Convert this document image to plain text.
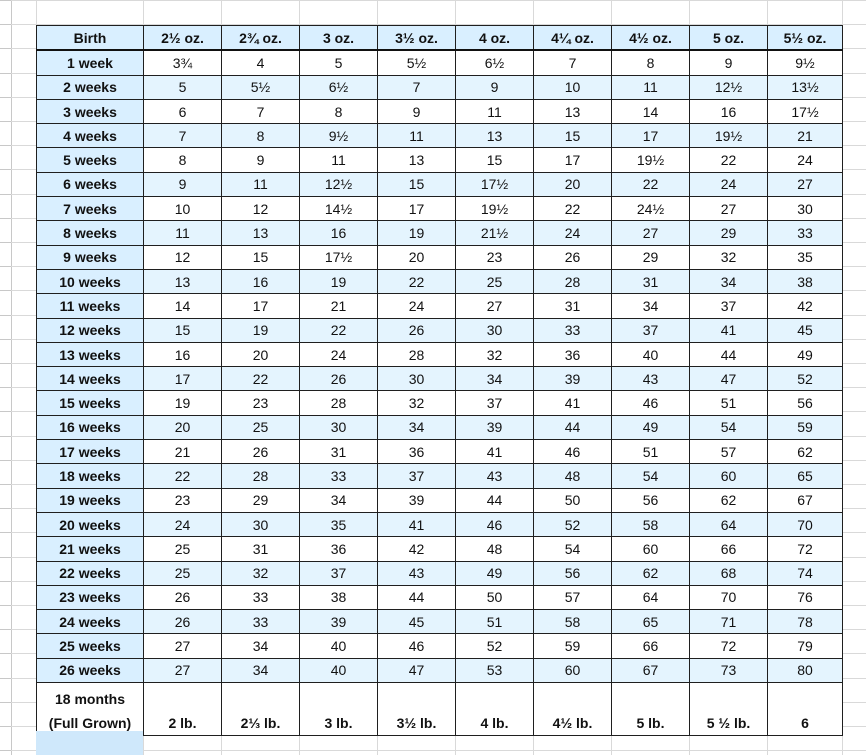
Birth	2½ oz.	2¾ oz.	3 oz.	3½ oz.	4 oz.	4¼ oz.	4½ oz.	5 oz.	5½ oz.
1 week	3¾	4	5	5½	6½	7	8	9	9½
2 weeks	5	5½	6½	7	9	10	11	12½	13½
3 weeks	6	7	8	9	11	13	14	16	17½
4 weeks	7	8	9½	11	13	15	17	19½	21
5 weeks	8	9	11	13	15	17	19½	22	24
6 weeks	9	11	12½	15	17½	20	22	24	27
7 weeks	10	12	14½	17	19½	22	24½	27	30
8 weeks	11	13	16	19	21½	24	27	29	33
9 weeks	12	15	17½	20	23	26	29	32	35
10 weeks	13	16	19	22	25	28	31	34	38
11 weeks	14	17	21	24	27	31	34	37	42
12 weeks	15	19	22	26	30	33	37	41	45
13 weeks	16	20	24	28	32	36	40	44	49
14 weeks	17	22	26	30	34	39	43	47	52
15 weeks	19	23	28	32	37	41	46	51	56
16 weeks	20	25	30	34	39	44	49	54	59
17 weeks	21	26	31	36	41	46	51	57	62
18 weeks	22	28	33	37	43	48	54	60	65
19 weeks	23	29	34	39	44	50	56	62	67
20 weeks	24	30	35	41	46	52	58	64	70
21 weeks	25	31	36	42	48	54	60	66	72
22 weeks	25	32	37	43	49	56	62	68	74
23 weeks	26	33	38	44	50	57	64	70	76
24 weeks	26	33	39	45	51	58	65	71	78
25 weeks	27	34	40	46	52	59	66	72	79
26 weeks	27	34	40	47	53	60	67	73	80

18 months
(Full Grown)	2 lb.	2⅓ lb.	3 lb.	3½ lb.	4 lb.	4½ lb.	5 lb.	5 ½ lb.	6
